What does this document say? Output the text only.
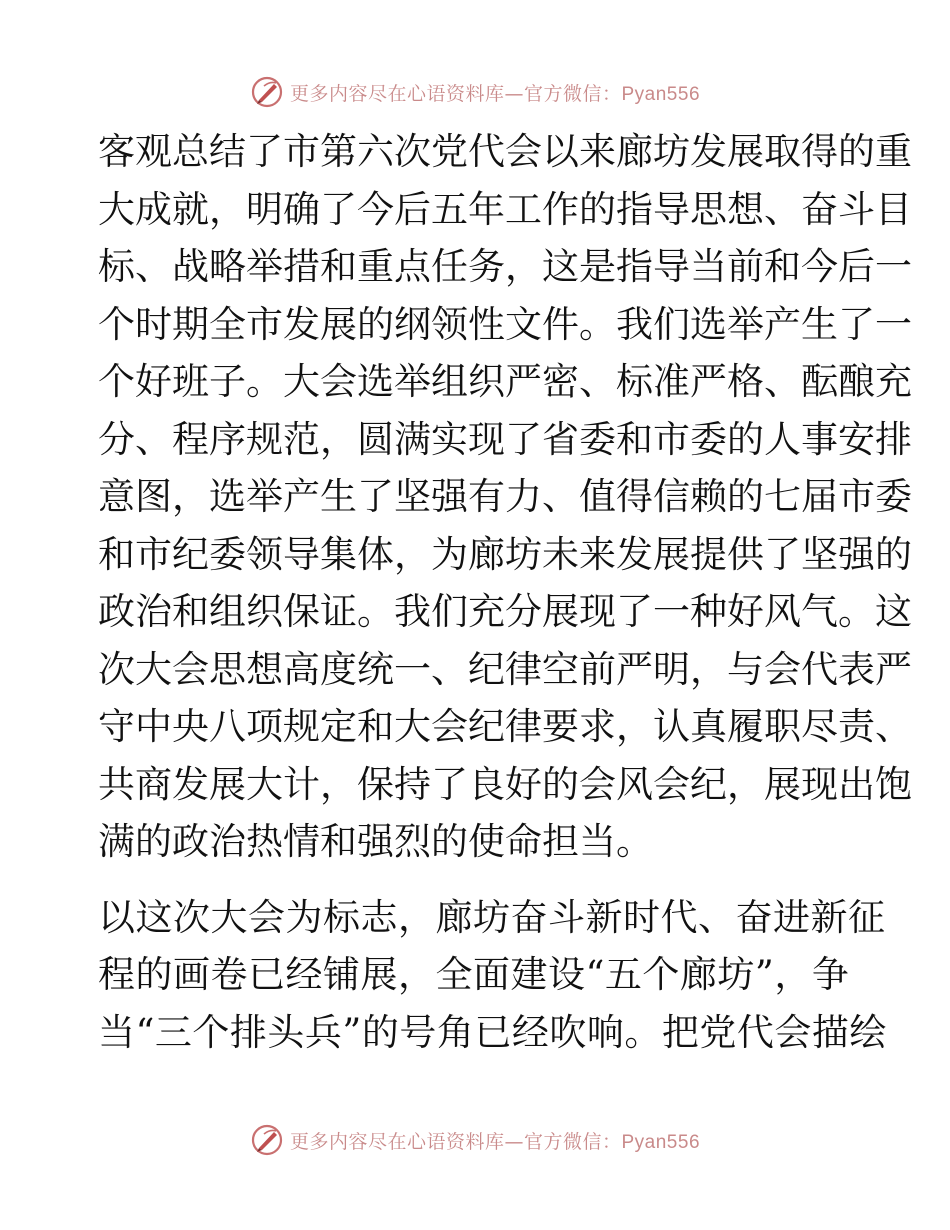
更多内容尽在心语资料库—官方微信：Pyan556
客观总结了市第六次党代会以来廊坊发展取得的重
大成就，明确了今后五年工作的指导思想、奋斗目
标、战略举措和重点任务，这是指导当前和今后一
个时期全市发展的纲领性文件。我们选举产生了一
个好班子。大会选举组织严密、标准严格、酝酿充
分、程序规范，圆满实现了省委和市委的人事安排
意图，选举产生了坚强有力、值得信赖的七届市委
和市纪委领导集体，为廊坊未来发展提供了坚强的
政治和组织保证。我们充分展现了一种好风气。这
次大会思想高度统一、纪律空前严明，与会代表严
守中央八项规定和大会纪律要求，认真履职尽责、
共商发展大计，保持了良好的会风会纪，展现出饱
满的政治热情和强烈的使命担当。
以这次大会为标志，廊坊奋斗新时代、奋进新征
程的画卷已经铺展，全面建设“五个廊坊”，争
当“三个排头兵”的号角已经吹响。把党代会描绘
更多内容尽在心语资料库—官方微信：Pyan556
